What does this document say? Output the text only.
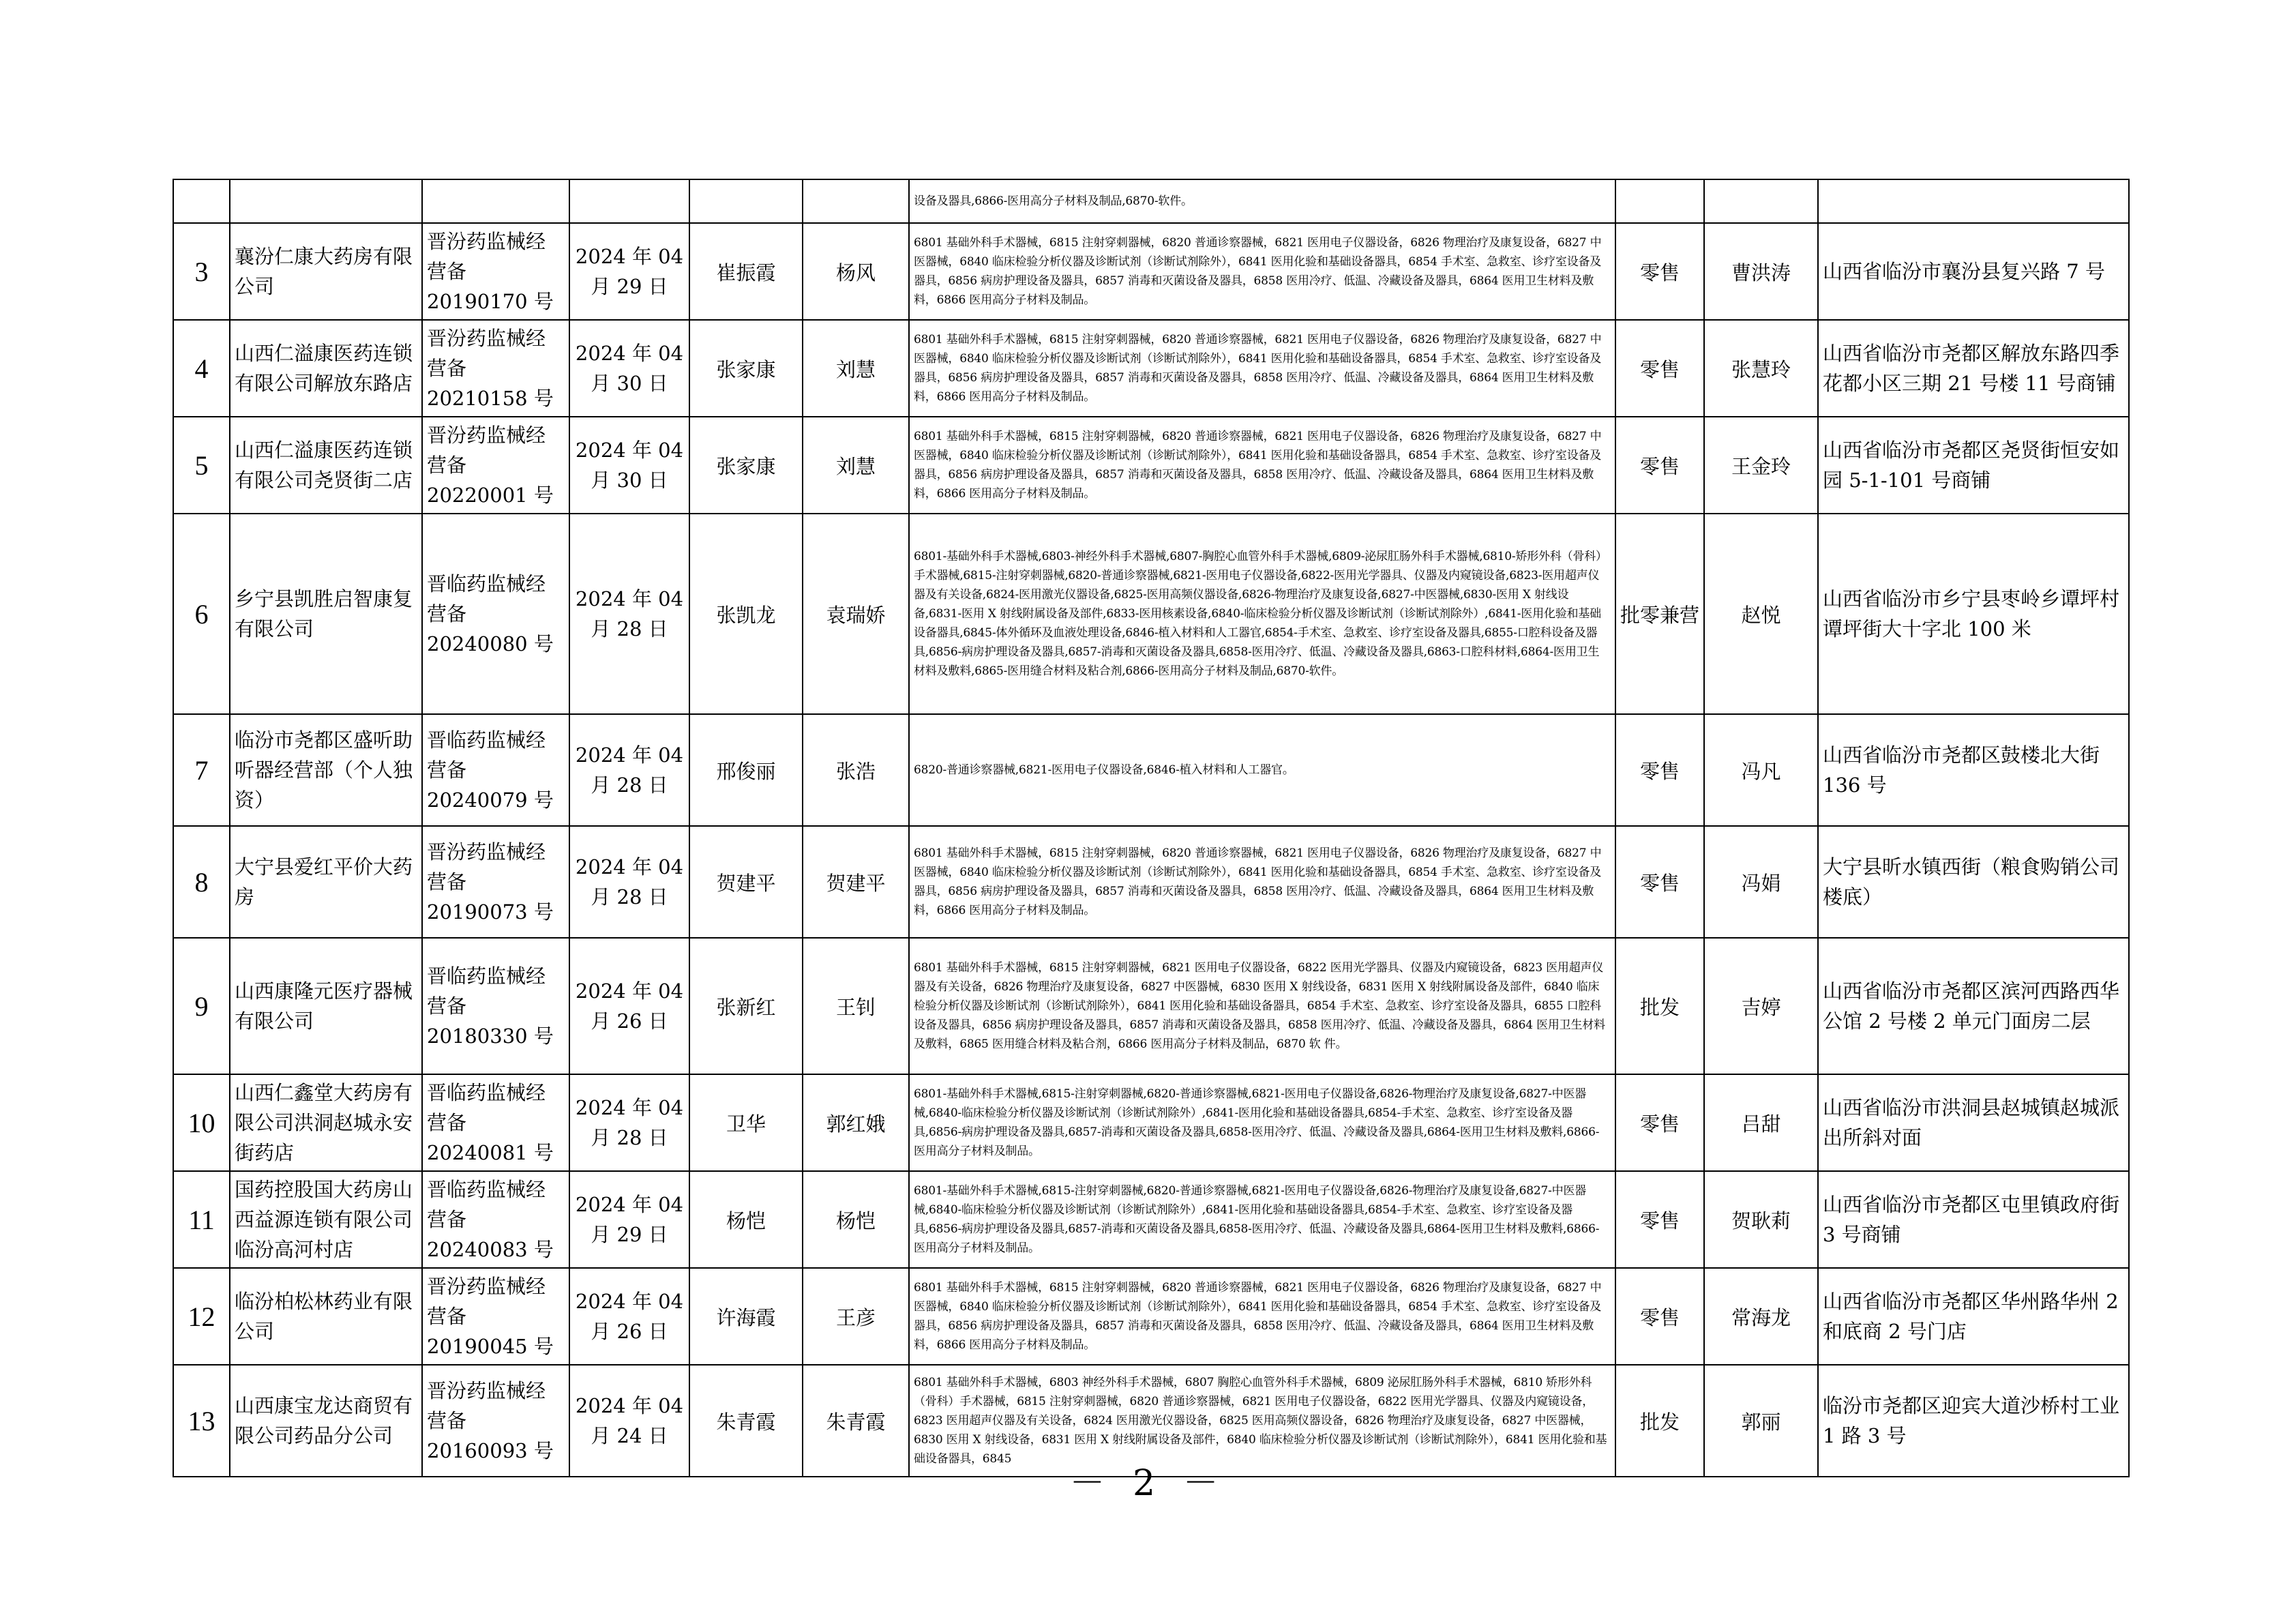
						设备及器具,6866-医用高分子材料及制品,6870-软件。			
3	襄汾仁康大药房有限公司	晋汾药监械经营备 20190170 号	2024 年 04 月 29 日	崔振霞	杨风	6801 基础外科手术器械，6815 注射穿刺器械，6820 普通诊察器械，6821 医用电子仪器设备，6826 物理治疗及康复设备，6827 中医器械，6840 临床检验分析仪器及诊断试剂（诊断试剂除外），6841 医用化验和基础设备器具，6854 手术室、急救室、诊疗室设备及器具，6856 病房护理设备及器具，6857 消毒和灭菌设备及器具，6858 医用冷疗、低温、冷藏设备及器具，6864 医用卫生材料及敷料，6866 医用高分子材料及制品。	零售	曹洪涛	山西省临汾市襄汾县复兴路 7 号
4	山西仁溢康医药连锁有限公司解放东路店	晋汾药监械经营备 20210158 号	2024 年 04 月 30 日	张家康	刘慧	6801 基础外科手术器械，6815 注射穿刺器械，6820 普通诊察器械，6821 医用电子仪器设备，6826 物理治疗及康复设备，6827 中医器械，6840 临床检验分析仪器及诊断试剂（诊断试剂除外），6841 医用化验和基础设备器具，6854 手术室、急救室、诊疗室设备及器具，6856 病房护理设备及器具，6857 消毒和灭菌设备及器具，6858 医用冷疗、低温、冷藏设备及器具，6864 医用卫生材料及敷料，6866 医用高分子材料及制品。	零售	张慧玲	山西省临汾市尧都区解放东路四季花都小区三期 21 号楼 11 号商铺
5	山西仁溢康医药连锁有限公司尧贤街二店	晋汾药监械经营备 20220001 号	2024 年 04 月 30 日	张家康	刘慧	6801 基础外科手术器械，6815 注射穿刺器械，6820 普通诊察器械，6821 医用电子仪器设备，6826 物理治疗及康复设备，6827 中医器械，6840 临床检验分析仪器及诊断试剂（诊断试剂除外），6841 医用化验和基础设备器具，6854 手术室、急救室、诊疗室设备及器具，6856 病房护理设备及器具，6857 消毒和灭菌设备及器具，6858 医用冷疗、低温、冷藏设备及器具，6864 医用卫生材料及敷料，6866 医用高分子材料及制品。	零售	王金玲	山西省临汾市尧都区尧贤街恒安如园 5-1-101 号商铺
6	乡宁县凯胜启智康复有限公司	晋临药监械经营备 20240080 号	2024 年 04 月 28 日	张凯龙	袁瑞娇	6801-基础外科手术器械,6803-神经外科手术器械,6807-胸腔心血管外科手术器械,6809-泌尿肛肠外科手术器械,6810-矫形外科（骨科）手术器械,6815-注射穿刺器械,6820-普通诊察器械,6821-医用电子仪器设备,6822-医用光学器具、仪器及内窥镜设备,6823-医用超声仪器及有关设备,6824-医用激光仪器设备,6825-医用高频仪器设备,6826-物理治疗及康复设备,6827-中医器械,6830-医用 X 射线设备,6831-医用 X 射线附属设备及部件,6833-医用核素设备,6840-临床检验分析仪器及诊断试剂（诊断试剂除外）,6841-医用化验和基础设备器具,6845-体外循环及血液处理设备,6846-植入材料和人工器官,6854-手术室、急救室、诊疗室设备及器具,6855-口腔科设备及器具,6856-病房护理设备及器具,6857-消毒和灭菌设备及器具,6858-医用冷疗、低温、冷藏设备及器具,6863-口腔科材料,6864-医用卫生材料及敷料,6865-医用缝合材料及粘合剂,6866-医用高分子材料及制品,6870-软件。	批零兼营	赵悦	山西省临汾市乡宁县枣岭乡谭坪村谭坪街大十字北 100 米
7	临汾市尧都区盛听助听器经营部（个人独资）	晋临药监械经营备 20240079 号	2024 年 04 月 28 日	邢俊丽	张浩	6820-普通诊察器械,6821-医用电子仪器设备,6846-植入材料和人工器官。	零售	冯凡	山西省临汾市尧都区鼓楼北大街 136 号
8	大宁县爱红平价大药房	晋汾药监械经营备 20190073 号	2024 年 04 月 28 日	贺建平	贺建平	6801 基础外科手术器械，6815 注射穿刺器械，6820 普通诊察器械，6821 医用电子仪器设备，6826 物理治疗及康复设备，6827 中医器械，6840 临床检验分析仪器及诊断试剂（诊断试剂除外），6841 医用化验和基础设备器具，6854 手术室、急救室、诊疗室设备及器具，6856 病房护理设备及器具，6857 消毒和灭菌设备及器具，6858 医用冷疗、低温、冷藏设备及器具，6864 医用卫生材料及敷料，6866 医用高分子材料及制品。	零售	冯娟	大宁县昕水镇西街（粮食购销公司楼底）
9	山西康隆元医疗器械有限公司	晋临药监械经营备 20180330 号	2024 年 04 月 26 日	张新红	王钊	6801 基础外科手术器械，6815 注射穿刺器械，6821 医用电子仪器设备，6822 医用光学器具、仪器及内窥镜设备，6823 医用超声仪器及有关设备，6826 物理治疗及康复设备，6827 中医器械，6830 医用 X 射线设备，6831 医用 X 射线附属设备及部件，6840 临床检验分析仪器及诊断试剂（诊断试剂除外），6841 医用化验和基础设备器具，6854 手术室、急救室、诊疗室设备及器具，6855 口腔科设备及器具，6856 病房护理设备及器具，6857 消毒和灭菌设备及器具，6858 医用冷疗、低温、冷藏设备及器具，6864 医用卫生材料及敷料，6865 医用缝合材料及粘合剂，6866 医用高分子材料及制品，6870 软 件。	批发	吉婷	山西省临汾市尧都区滨河西路西华公馆 2 号楼 2 单元门面房二层
10	山西仁鑫堂大药房有限公司洪洞赵城永安街药店	晋临药监械经营备 20240081 号	2024 年 04 月 28 日	卫华	郭红娥	6801-基础外科手术器械,6815-注射穿刺器械,6820-普通诊察器械,6821-医用电子仪器设备,6826-物理治疗及康复设备,6827-中医器械,6840-临床检验分析仪器及诊断试剂（诊断试剂除外）,6841-医用化验和基础设备器具,6854-手术室、急救室、诊疗室设备及器具,6856-病房护理设备及器具,6857-消毒和灭菌设备及器具,6858-医用冷疗、低温、冷藏设备及器具,6864-医用卫生材料及敷料,6866-医用高分子材料及制品。	零售	吕甜	山西省临汾市洪洞县赵城镇赵城派出所斜对面
11	国药控股国大药房山西益源连锁有限公司临汾高河村店	晋临药监械经营备 20240083 号	2024 年 04 月 29 日	杨恺	杨恺	6801-基础外科手术器械,6815-注射穿刺器械,6820-普通诊察器械,6821-医用电子仪器设备,6826-物理治疗及康复设备,6827-中医器械,6840-临床检验分析仪器及诊断试剂（诊断试剂除外）,6841-医用化验和基础设备器具,6854-手术室、急救室、诊疗室设备及器具,6856-病房护理设备及器具,6857-消毒和灭菌设备及器具,6858-医用冷疗、低温、冷藏设备及器具,6864-医用卫生材料及敷料,6866-医用高分子材料及制品。	零售	贺耿莉	山西省临汾市尧都区屯里镇政府街 3 号商铺
12	临汾柏松林药业有限公司	晋汾药监械经营备 20190045 号	2024 年 04 月 26 日	许海霞	王彦	6801 基础外科手术器械，6815 注射穿刺器械，6820 普通诊察器械，6821 医用电子仪器设备，6826 物理治疗及康复设备，6827 中医器械，6840 临床检验分析仪器及诊断试剂（诊断试剂除外），6841 医用化验和基础设备器具，6854 手术室、急救室、诊疗室设备及器具，6856 病房护理设备及器具，6857 消毒和灭菌设备及器具，6858 医用冷疗、低温、冷藏设备及器具，6864 医用卫生材料及敷料，6866 医用高分子材料及制品。	零售	常海龙	山西省临汾市尧都区华州路华州 2 和底商 2 号门店
13	山西康宝龙达商贸有限公司药品分公司	晋汾药监械经营备 20160093 号	2024 年 04 月 24 日	朱青霞	朱青霞	6801 基础外科手术器械，6803 神经外科手术器械，6807 胸腔心血管外科手术器械，6809 泌尿肛肠外科手术器械，6810 矫形外科（骨科）手术器械，6815 注射穿刺器械，6820 普通诊察器械，6821 医用电子仪器设备，6822 医用光学器具、仪器及内窥镜设备，6823 医用超声仪器及有关设备，6824 医用激光仪器设备，6825 医用高频仪器设备，6826 物理治疗及康复设备，6827 中医器械，6830 医用 X 射线设备，6831 医用 X 射线附属设备及部件，6840 临床检验分析仪器及诊断试剂（诊断试剂除外），6841 医用化验和基础设备器具，6845	批发	郭丽	临汾市尧都区迎宾大道沙桥村工业 1 路 3 号
－ 2 －
